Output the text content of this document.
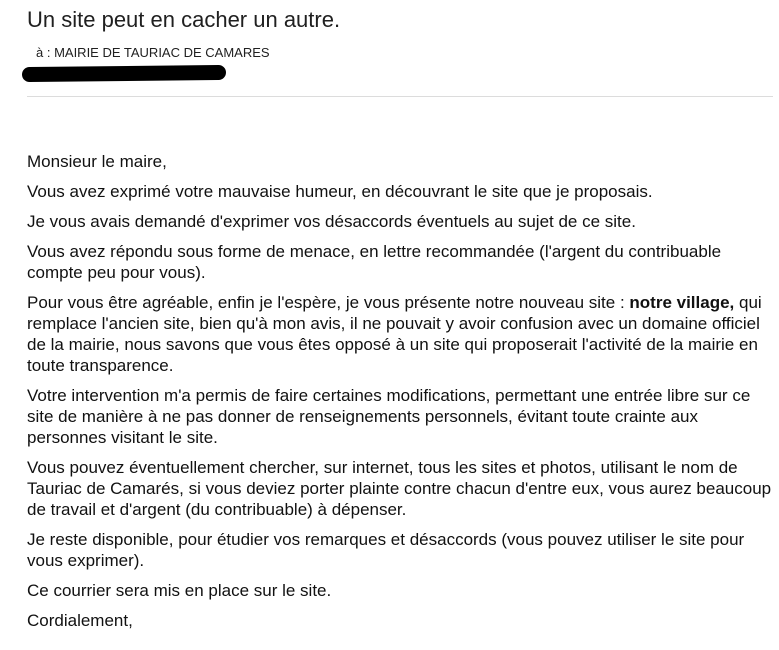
Un site peut en cacher un autre.
à : MAIRIE DE TAURIAC DE CAMARES

Monsieur le maire,

Vous avez exprimé votre mauvaise humeur, en découvrant le site que je proposais.

Je vous avais demandé d'exprimer vos désaccords éventuels au sujet de ce site.

Vous avez répondu sous forme de menace, en lettre recommandée (l'argent du contribuable compte peu pour vous).

Pour vous être agréable, enfin je l'espère, je vous présente notre nouveau site : notre village, qui remplace l'ancien site, bien qu'à mon avis, il ne pouvait y avoir confusion avec un domaine officiel de la mairie, nous savons que vous êtes opposé à un site qui proposerait l'activité de la mairie en toute transparence.

Votre intervention m'a permis de faire certaines modifications, permettant une entrée libre sur ce site de manière à ne pas donner de renseignements personnels, évitant toute crainte aux personnes visitant le site.

Vous pouvez éventuellement chercher, sur internet, tous les sites et photos, utilisant le nom de Tauriac de Camarés, si vous deviez porter plainte contre chacun d'entre eux, vous aurez beaucoup de travail et d'argent (du contribuable) à dépenser.

Je reste disponible, pour étudier vos remarques et désaccords (vous pouvez utiliser le site pour vous exprimer).

Ce courrier sera mis en place sur le site.

Cordialement,
